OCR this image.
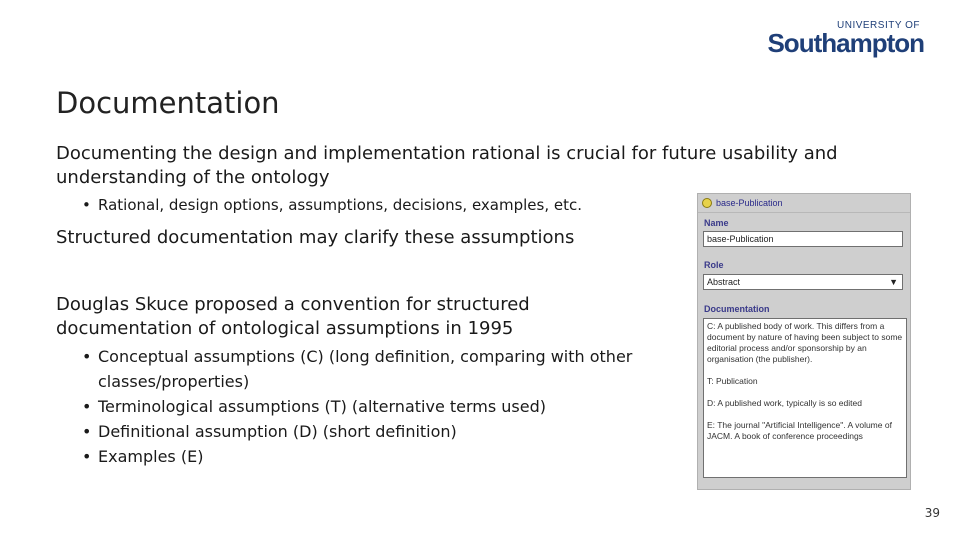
UNIVERSITY OF
Southampton
Documentation

Documenting the design and implementation rational is crucial for future usability and understanding of the ontology

• Rational, design options, assumptions, decisions, examples, etc.

Structured documentation may clarify these assumptions

Douglas Skuce proposed a convention for structured documentation of ontological assumptions in 1995

• Conceptual assumptions (C) (long definition, comparing with other classes/properties)
• Terminological assumptions (T) (alternative terms used)
• Definitional assumption (D) (short definition)
• Examples (E)
base-Publication
Name
base-Publication
Role
Abstract	▼
Documentation

C: A published body of work. This differs from a document by nature of having been subject to some editorial process and/or sponsorship by an organisation (the publisher).

T: Publication

D: A published work, typically is so edited

E: The journal "Artificial Intelligence". A volume of JACM. A book of conference proceedings

39
